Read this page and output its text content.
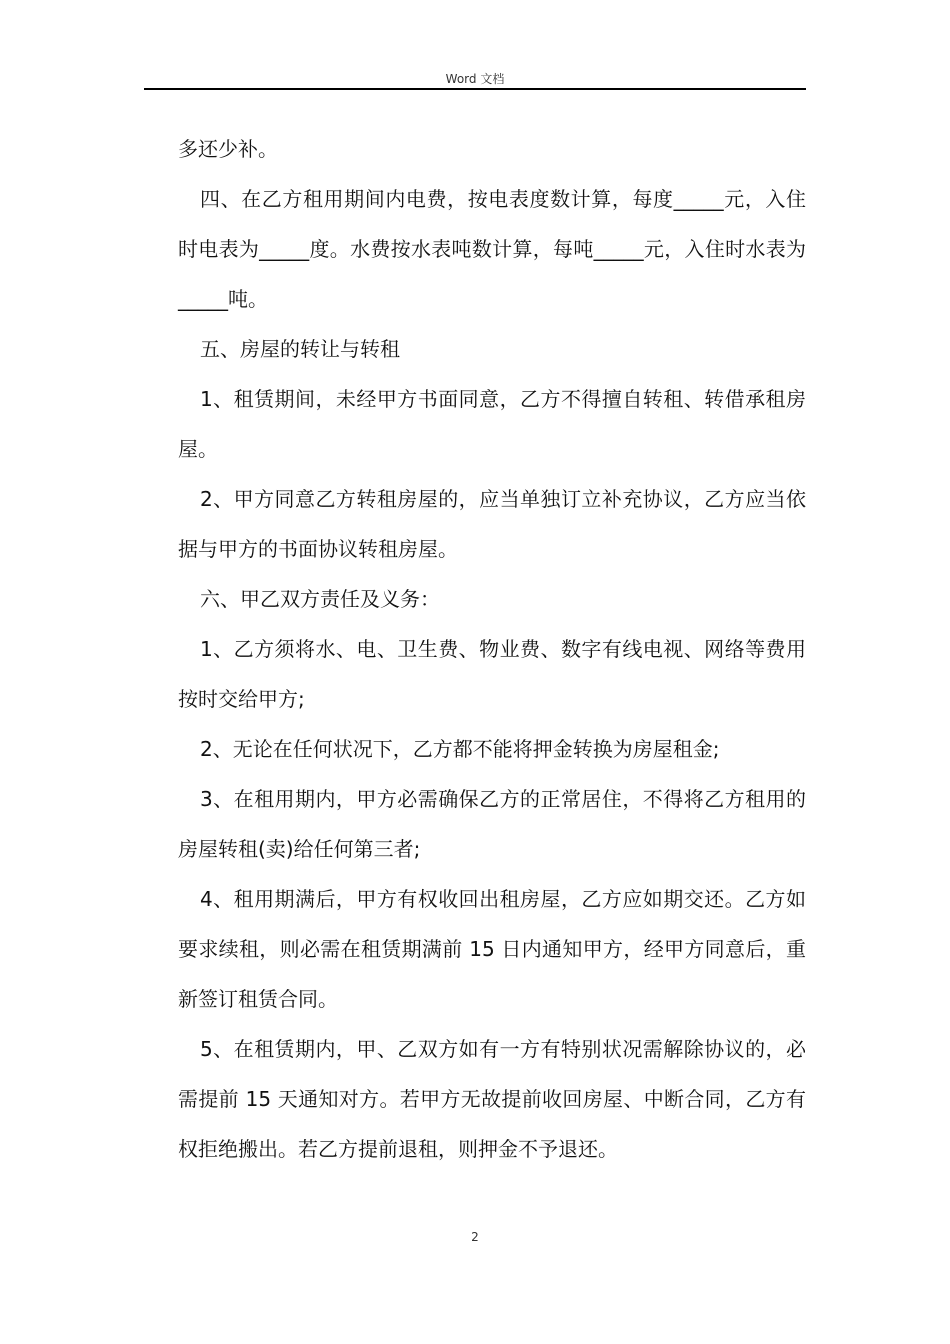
Word 文档

多还少补。

四、在乙方租用期间内电费，按电表度数计算，每度_____元，入住时电表为_____度。水费按水表吨数计算，每吨_____元，入住时水表为_____吨。

五、房屋的转让与转租

1、租赁期间，未经甲方书面同意，乙方不得擅自转租、转借承租房屋。

2、甲方同意乙方转租房屋的，应当单独订立补充协议，乙方应当依据与甲方的书面协议转租房屋。

六、甲乙双方责任及义务：

1、乙方须将水、电、卫生费、物业费、数字有线电视、网络等费用按时交给甲方;

2、无论在任何状况下，乙方都不能将押金转换为房屋租金;

3、在租用期内，甲方必需确保乙方的正常居住，不得将乙方租用的房屋转租(卖)给任何第三者;

4、租用期满后，甲方有权收回出租房屋，乙方应如期交还。乙方如要求续租，则必需在租赁期满前 15 日内通知甲方，经甲方同意后，重新签订租赁合同。

5、在租赁期内，甲、乙双方如有一方有特别状况需解除协议的，必需提前 15 天通知对方。若甲方无故提前收回房屋、中断合同，乙方有权拒绝搬出。若乙方提前退租，则押金不予退还。

2
